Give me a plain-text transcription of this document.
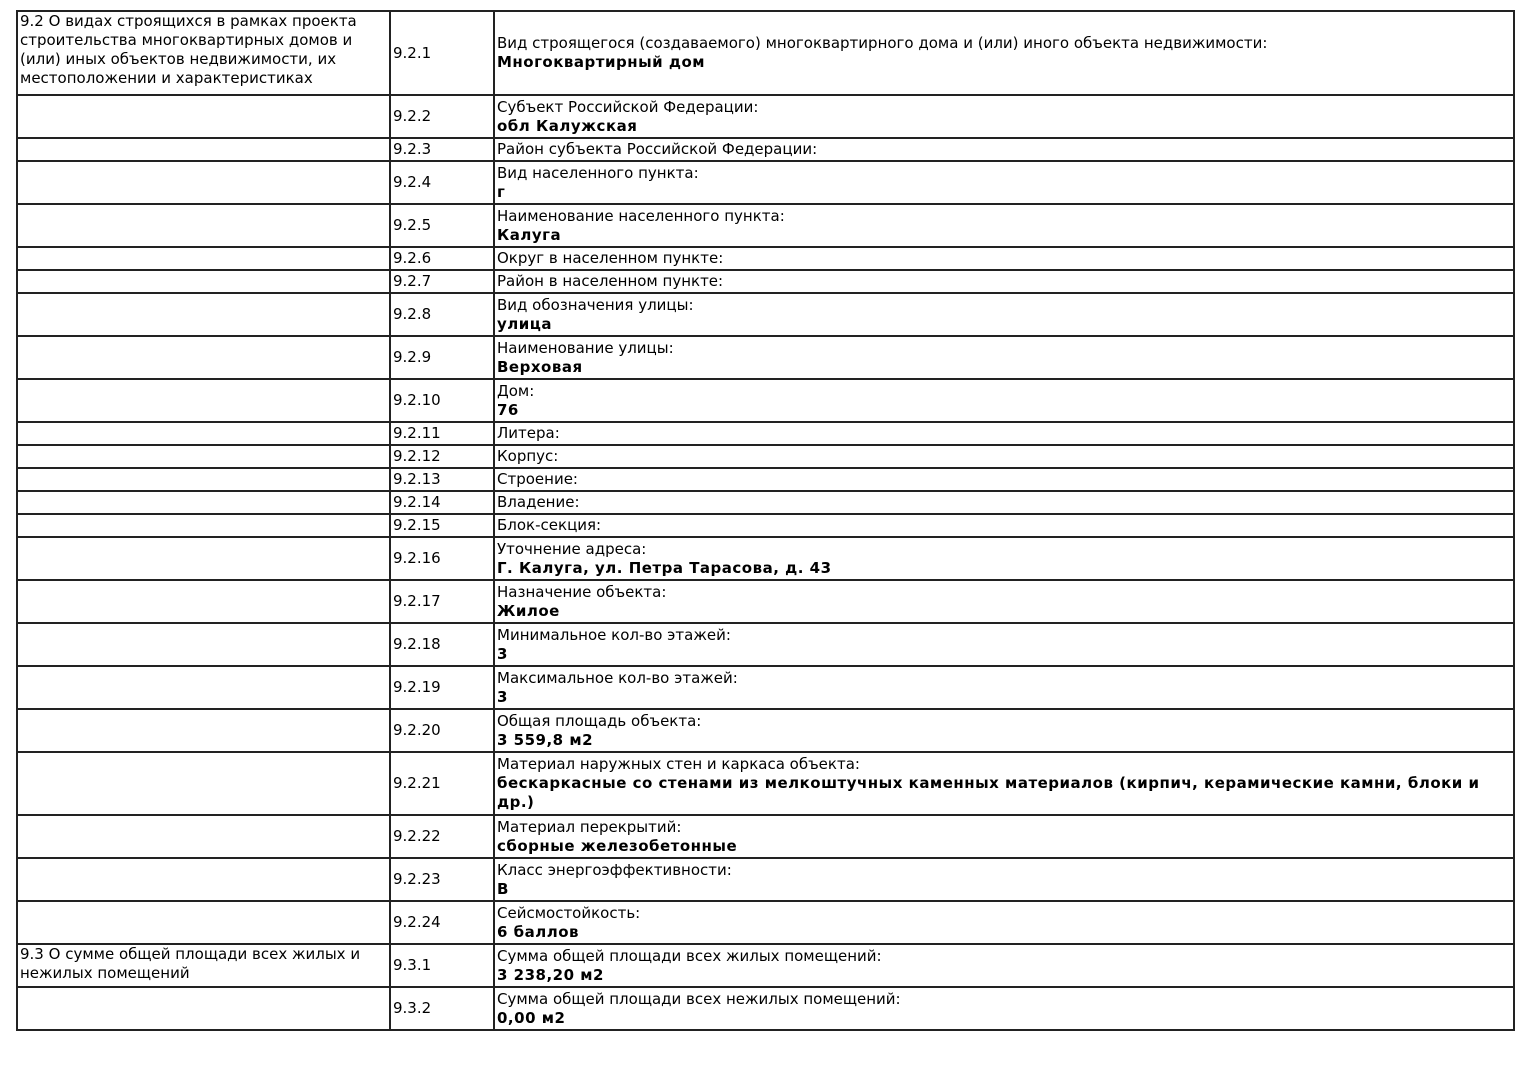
9.2 О видах строящихся в рамках проекта строительства многоквартирных домов и (или) иных объектов недвижимости, их местоположении и характеристиках	9.2.1	Вид строящегося (создаваемого) многоквартирного дома и (или) иного объекта недвижимости:
Многоквартирный дом

	9.2.2	Субъект Российской Федерации:
обл Калужская

	9.2.3	Район субъекта Российской Федерации:

	9.2.4	Вид населенного пункта:
г

	9.2.5	Наименование населенного пункта:
Калуга

	9.2.6	Округ в населенном пункте:

	9.2.7	Район в населенном пункте:

	9.2.8	Вид обозначения улицы:
улица

	9.2.9	Наименование улицы:
Верховая

	9.2.10	Дом:
76

	9.2.11	Литера:

	9.2.12	Корпус:

	9.2.13	Строение:

	9.2.14	Владение:

	9.2.15	Блок-секция:

	9.2.16	Уточнение адреса:
Г. Калуга, ул. Петра Тарасова, д. 43

	9.2.17	Назначение объекта:
Жилое

	9.2.18	Минимальное кол-во этажей:
3

	9.2.19	Максимальное кол-во этажей:
3

	9.2.20	Общая площадь объекта:
3 559,8 м2

	9.2.21	Материал наружных стен и каркаса объекта:
бескаркасные со стенами из мелкоштучных каменных материалов (кирпич, керамические камни, блоки и др.)

	9.2.22	Материал перекрытий:
сборные железобетонные

	9.2.23	Класс энергоэффективности:
В

	9.2.24	Сейсмостойкость:
6 баллов

9.3 О сумме общей площади всех жилых и нежилых помещений	9.3.1	Сумма общей площади всех жилых помещений:
3 238,20 м2

	9.3.2	Сумма общей площади всех нежилых помещений:
0,00 м2
